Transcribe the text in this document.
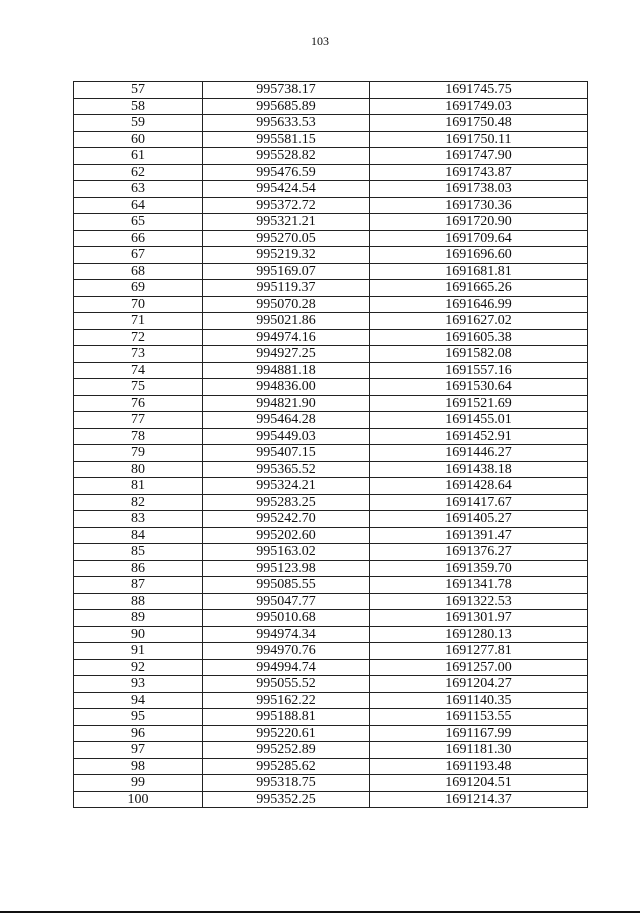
103
57	995738.17	1691745.75
58	995685.89	1691749.03
59	995633.53	1691750.48
60	995581.15	1691750.11
61	995528.82	1691747.90
62	995476.59	1691743.87
63	995424.54	1691738.03
64	995372.72	1691730.36
65	995321.21	1691720.90
66	995270.05	1691709.64
67	995219.32	1691696.60
68	995169.07	1691681.81
69	995119.37	1691665.26
70	995070.28	1691646.99
71	995021.86	1691627.02
72	994974.16	1691605.38
73	994927.25	1691582.08
74	994881.18	1691557.16
75	994836.00	1691530.64
76	994821.90	1691521.69
77	995464.28	1691455.01
78	995449.03	1691452.91
79	995407.15	1691446.27
80	995365.52	1691438.18
81	995324.21	1691428.64
82	995283.25	1691417.67
83	995242.70	1691405.27
84	995202.60	1691391.47
85	995163.02	1691376.27
86	995123.98	1691359.70
87	995085.55	1691341.78
88	995047.77	1691322.53
89	995010.68	1691301.97
90	994974.34	1691280.13
91	994970.76	1691277.81
92	994994.74	1691257.00
93	995055.52	1691204.27
94	995162.22	1691140.35
95	995188.81	1691153.55
96	995220.61	1691167.99
97	995252.89	1691181.30
98	995285.62	1691193.48
99	995318.75	1691204.51
100	995352.25	1691214.37
